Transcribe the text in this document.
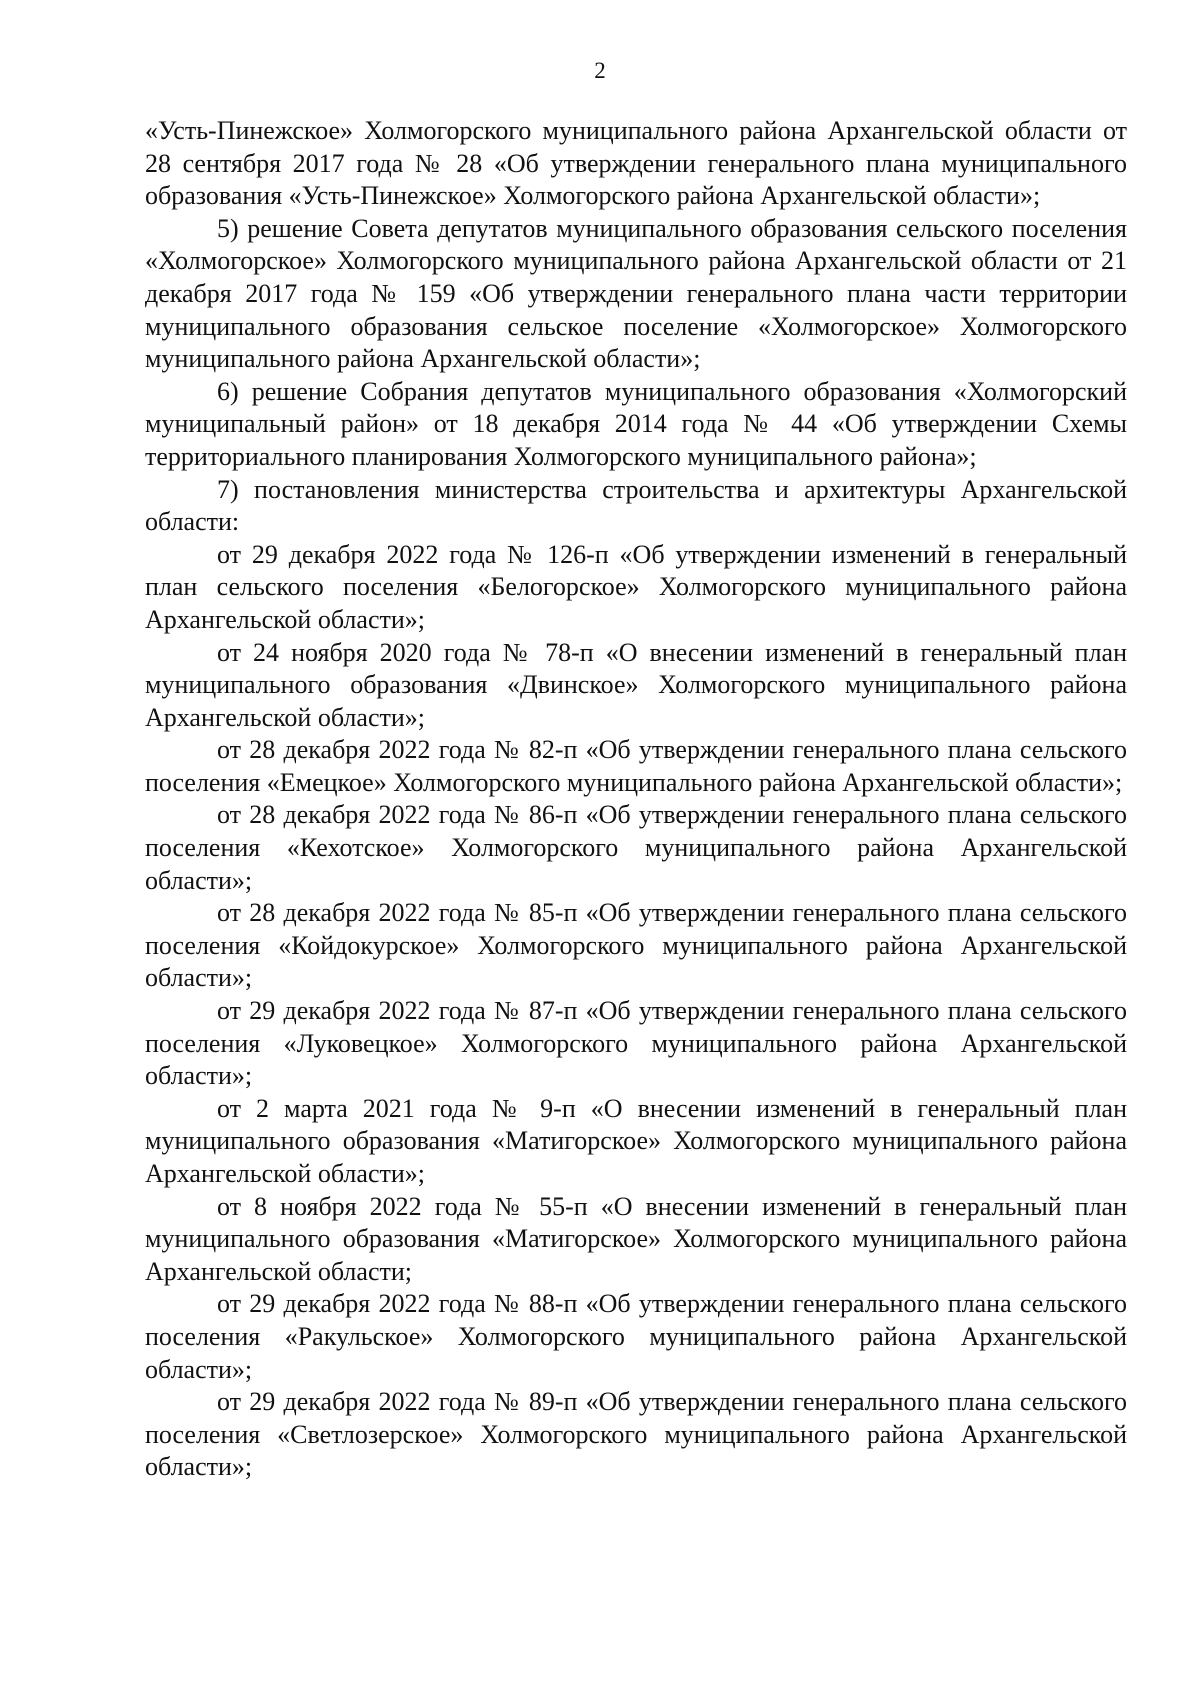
2

«Усть-Пинежское» Холмогорского муниципального района Архангельской области от 28 сентября 2017 года № 28 «Об утверждении генерального плана муниципального образования «Усть-Пинежское» Холмогорского района Архангельской области»;

5) решение Совета депутатов муниципального образования сельского поселения «Холмогорское» Холмогорского муниципального района Архангельской области от 21 декабря 2017 года № 159 «Об утверждении генерального плана части территории муниципального образования сельское поселение «Холмогорское» Холмогорского муниципального района Архангельской области»;

6) решение Собрания депутатов муниципального образования «Холмогорский муниципальный район» от 18 декабря 2014 года № 44 «Об утверждении Схемы территориального планирования Холмогорского муниципального района»;

7) постановления министерства строительства и архитектуры Архангельской области:

от 29 декабря 2022 года № 126-п «Об утверждении изменений в генеральный план сельского поселения «Белогорское» Холмогорского муниципального района Архангельской области»;

от 24 ноября 2020 года № 78-п «О внесении изменений в генеральный план муниципального образования «Двинское» Холмогорского муниципального района Архангельской области»;

от 28 декабря 2022 года № 82-п «Об утверждении генерального плана сельского поселения «Емецкое» Холмогорского муниципального района Архангельской области»;

от 28 декабря 2022 года № 86-п «Об утверждении генерального плана сельского поселения «Кехотское» Холмогорского муниципального района Архангельской области»;

от 28 декабря 2022 года № 85-п «Об утверждении генерального плана сельского поселения «Койдокурское» Холмогорского муниципального района Архангельской области»;

от 29 декабря 2022 года № 87-п «Об утверждении генерального плана сельского поселения «Луковецкое» Холмогорского муниципального района Архангельской области»;

от 2 марта 2021 года № 9-п «О внесении изменений в генеральный план муниципального образования «Матигорское» Холмогорского муниципального района Архангельской области»;

от 8 ноября 2022 года № 55-п «О внесении изменений в генеральный план муниципального образования «Матигорское» Холмогорского муниципального района Архангельской области;

от 29 декабря 2022 года № 88-п «Об утверждении генерального плана сельского поселения «Ракульское» Холмогорского муниципального района Архангельской области»;

от 29 декабря 2022 года № 89-п «Об утверждении генерального плана сельского поселения «Светлозерское» Холмогорского муниципального района Архангельской области»;
